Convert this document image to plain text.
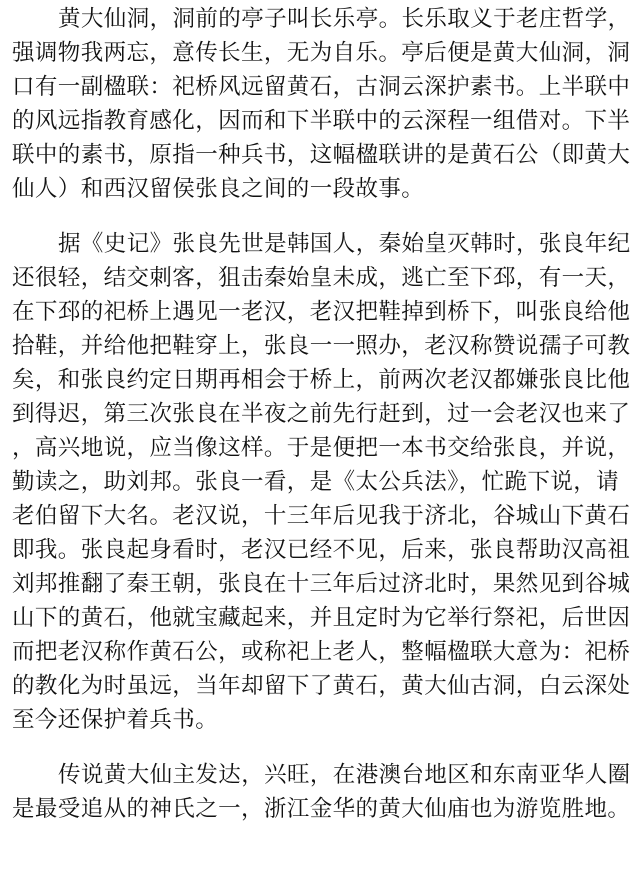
黄大仙洞，洞前的亭子叫长乐亭。长乐取义于老庄哲学，
强调物我两忘，意传长生，无为自乐。亭后便是黄大仙洞，洞
口有一副楹联：祀桥风远留黄石，古洞云深护素书。上半联中
的风远指教育感化，因而和下半联中的云深程一组借对。下半
联中的素书，原指一种兵书，这幅楹联讲的是黄石公（即黄大
仙人）和西汉留侯张良之间的一段故事。
据《史记》张良先世是韩国人，秦始皇灭韩时，张良年纪
还很轻，结交刺客，狙击秦始皇未成，逃亡至下邳，有一天，
在下邳的祀桥上遇见一老汉，老汉把鞋掉到桥下，叫张良给他
拾鞋，并给他把鞋穿上，张良一一照办，老汉称赞说孺子可教
矣，和张良约定日期再相会于桥上，前两次老汉都嫌张良比他
到得迟，第三次张良在半夜之前先行赶到，过一会老汉也来了
，高兴地说，应当像这样。于是便把一本书交给张良，并说，
勤读之，助刘邦。张良一看，是《太公兵法》，忙跪下说，请
老伯留下大名。老汉说，十三年后见我于济北，谷城山下黄石
即我。张良起身看时，老汉已经不见，后来，张良帮助汉高祖
刘邦推翻了秦王朝，张良在十三年后过济北时，果然见到谷城
山下的黄石，他就宝藏起来，并且定时为它举行祭祀，后世因
而把老汉称作黄石公，或称祀上老人，整幅楹联大意为：祀桥
的教化为时虽远，当年却留下了黄石，黄大仙古洞，白云深处
至今还保护着兵书。
传说黄大仙主发达，兴旺，在港澳台地区和东南亚华人圈
是最受追从的神氏之一，浙江金华的黄大仙庙也为游览胜地。
